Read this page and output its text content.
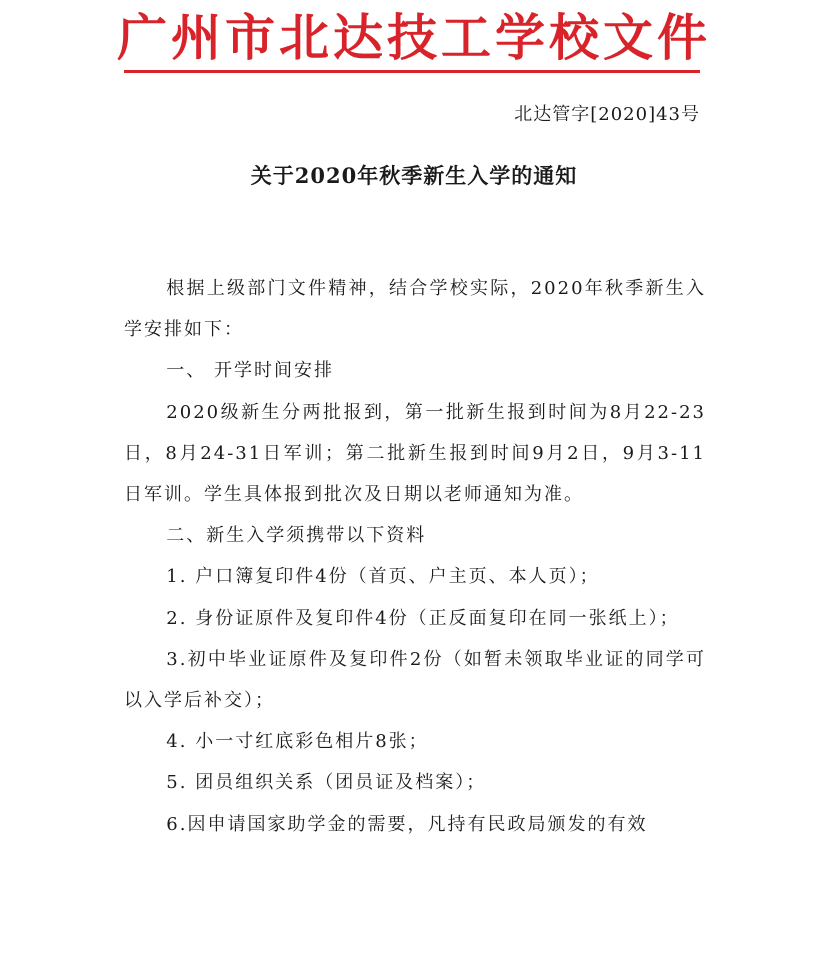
广州市北达技工学校文件
北达管字[2020]43号
关于2020年秋季新生入学的通知

根据上级部门文件精神，结合学校实际，2020年秋季新生入学安排如下：

一、 开学时间安排

2020级新生分两批报到，第一批新生报到时间为8月22-23日，8月24-31日军训；第二批新生报到时间9月2日，9月3-11日军训。学生具体报到批次及日期以老师通知为准。

二、新生入学须携带以下资料

1. 户口簿复印件4份（首页、户主页、本人页）；

2. 身份证原件及复印件4份（正反面复印在同一张纸上）；

3.初中毕业证原件及复印件2份（如暂未领取毕业证的同学可以入学后补交）；

4. 小一寸红底彩色相片8张；

5. 团员组织关系（团员证及档案）；

6.因申请国家助学金的需要，凡持有民政局颁发的有效
